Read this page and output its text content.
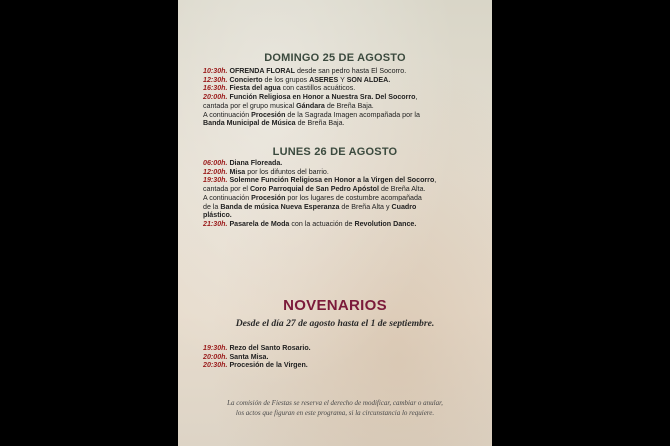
DOMINGO 25 DE AGOSTO
10:30h. OFRENDA FLORAL desde san pedro hasta El Socorro.
12:30h. Concierto de los grupos ASERES Y SON ALDEA.
16:30h. Fiesta del agua con castillos acuáticos.
20:00h. Función Religiosa en Honor a Nuestra Sra. Del Socorro,
cantada por el grupo musical Gándara de Breña Baja.
A continuación Procesión de la Sagrada Imagen acompañada por la
Banda Municipal de Música de Breña Baja.
LUNES 26 DE AGOSTO
06:00h. Diana Floreada.
12:00h. Misa por los difuntos del barrio.
19:30h. Solemne Función Religiosa en Honor a la Virgen del Socorro,
cantada por el Coro Parroquial de San Pedro Apóstol de Breña Alta.
A continuación Procesión por los lugares de costumbre acompañada
de la Banda de música Nueva Esperanza de Breña Alta y Cuadro
plástico.
21:30h. Pasarela de Moda con la actuación de Revolution Dance.
NOVENARIOS
Desde el día 27 de agosto hasta el 1 de septiembre.
19:30h. Rezo del Santo Rosario.
20:00h. Santa Misa.
20:30h. Procesión de la Virgen.
La comisión de Fiestas se reserva el derecho de modificar, cambiar o anular,
los actos que figuran en este programa, si la circunstancia lo requiere.
